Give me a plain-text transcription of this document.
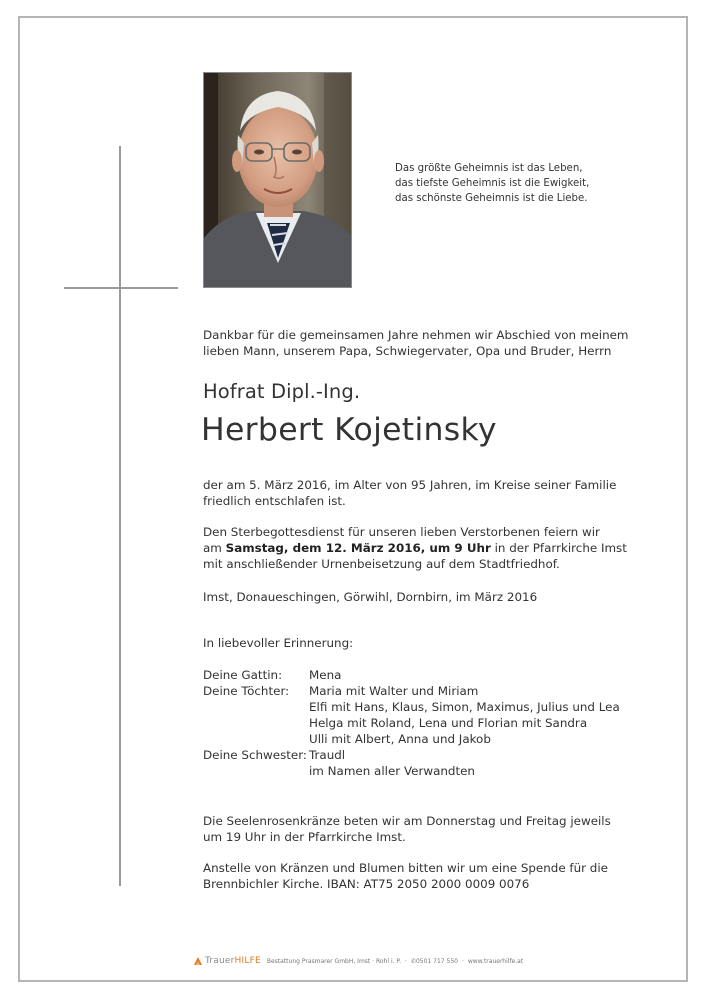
Das größte Geheimnis ist das Leben,
das tiefste Geheimnis ist die Ewigkeit,
das schönste Geheimnis ist die Liebe.
Dankbar für die gemeinsamen Jahre nehmen wir Abschied von meinem
lieben Mann, unserem Papa, Schwiegervater, Opa und Bruder, Herrn
Hofrat Dipl.-Ing.
Herbert Kojetinsky
der am 5. März 2016, im Alter von 95 Jahren, im Kreise seiner Familie
friedlich entschlafen ist.
Den Sterbegottesdienst für unseren lieben Verstorbenen feiern wir
am Samstag, dem 12. März 2016, um 9 Uhr in der Pfarrkirche Imst
mit anschließender Urnenbeisetzung auf dem Stadtfriedhof.
Imst, Donaueschingen, Görwihl, Dornbirn, im März 2016
In liebevoller Erinnerung:
Deine Gattin:	Mena
Deine Töchter:	Maria mit Walter und Miriam
Elfi mit Hans, Klaus, Simon, Maximus, Julius und Lea
Helga mit Roland, Lena und Florian mit Sandra
Ulli mit Albert, Anna und Jakob
Deine Schwester: Traudl
im Namen aller Verwandten
Die Seelenrosenkränze beten wir am Donnerstag und Freitag jeweils
um 19 Uhr in der Pfarrkirche Imst.
Anstelle von Kränzen und Blumen bitten wir um eine Spende für die
Brennbichler Kirche. IBAN: AT75 2050 2000 0009 0076
TrauerHILFE Bestattung Prasmarer GmbH, Imst · Rohl i. P. · ✆0501 717 550 · www.trauerhilfe.at
